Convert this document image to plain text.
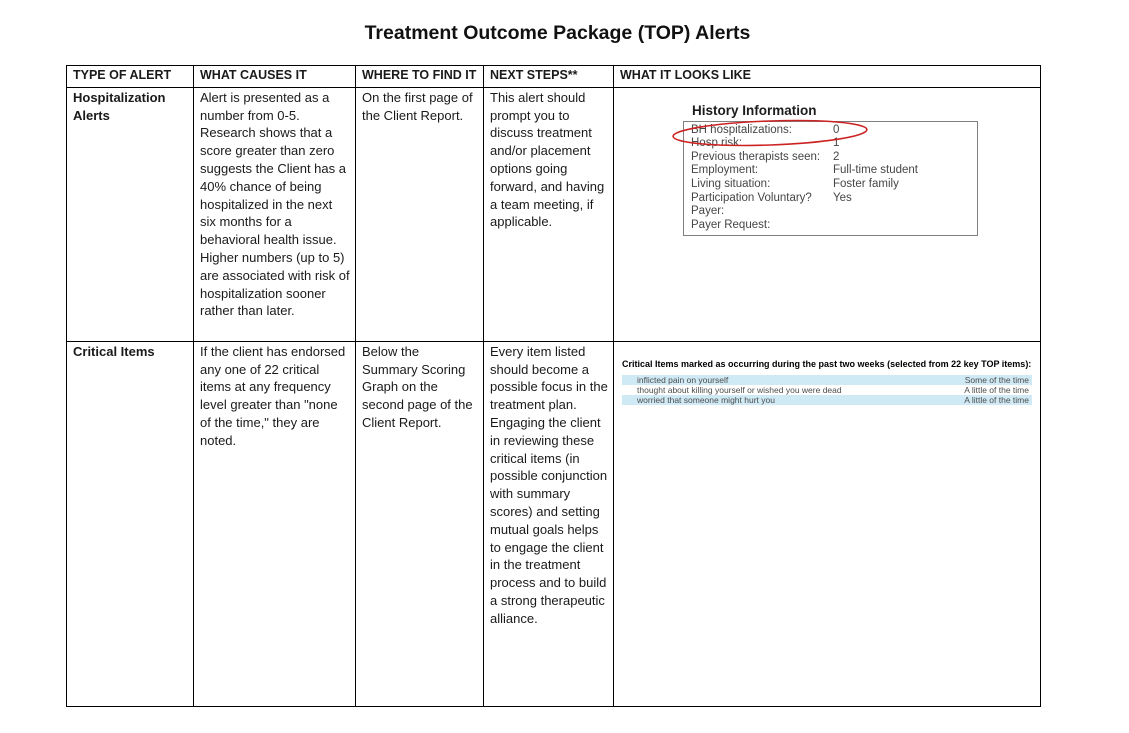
Treatment Outcome Package (TOP) Alerts
TYPE OF ALERT	WHAT CAUSES IT	WHERE TO FIND IT	NEXT STEPS**	WHAT IT LOOKS LIKE
Hospitalization Alerts	Alert is presented as a number from 0-5. Research shows that a score greater than zero suggests the Client has a 40% chance of being hospitalized in the next six months for a behavioral health issue. Higher numbers (up to 5) are associated with risk of hospitalization sooner rather than later.	On the first page of the Client Report.	This alert should prompt you to discuss treatment and/or placement options going forward, and having a team meeting, if applicable.	
History Information
BH hospitalizations:	0
Hosp risk:	1
Previous therapists seen:	2
Employment:	Full-time student
Living situation:	Foster family
Participation Voluntary?	Yes
Payer:
Payer Request:

Critical Items	If the client has endorsed any one of 22 critical items at any frequency level greater than "none of the time," they are noted.	Below the Summary Scoring Graph on the second page of the Client Report.	Every item listed should become a possible focus in the treatment plan. Engaging the client in reviewing these critical items (in possible conjunction with summary scores) and setting mutual goals helps to engage the client in the treatment process and to build a strong therapeutic alliance.	
Critical Items marked as occurring during the past two weeks (selected from 22 key TOP items):
inflicted pain on yourself	Some of the time
thought about killing yourself or wished you were dead	A little of the time
worried that someone might hurt you	A little of the time
